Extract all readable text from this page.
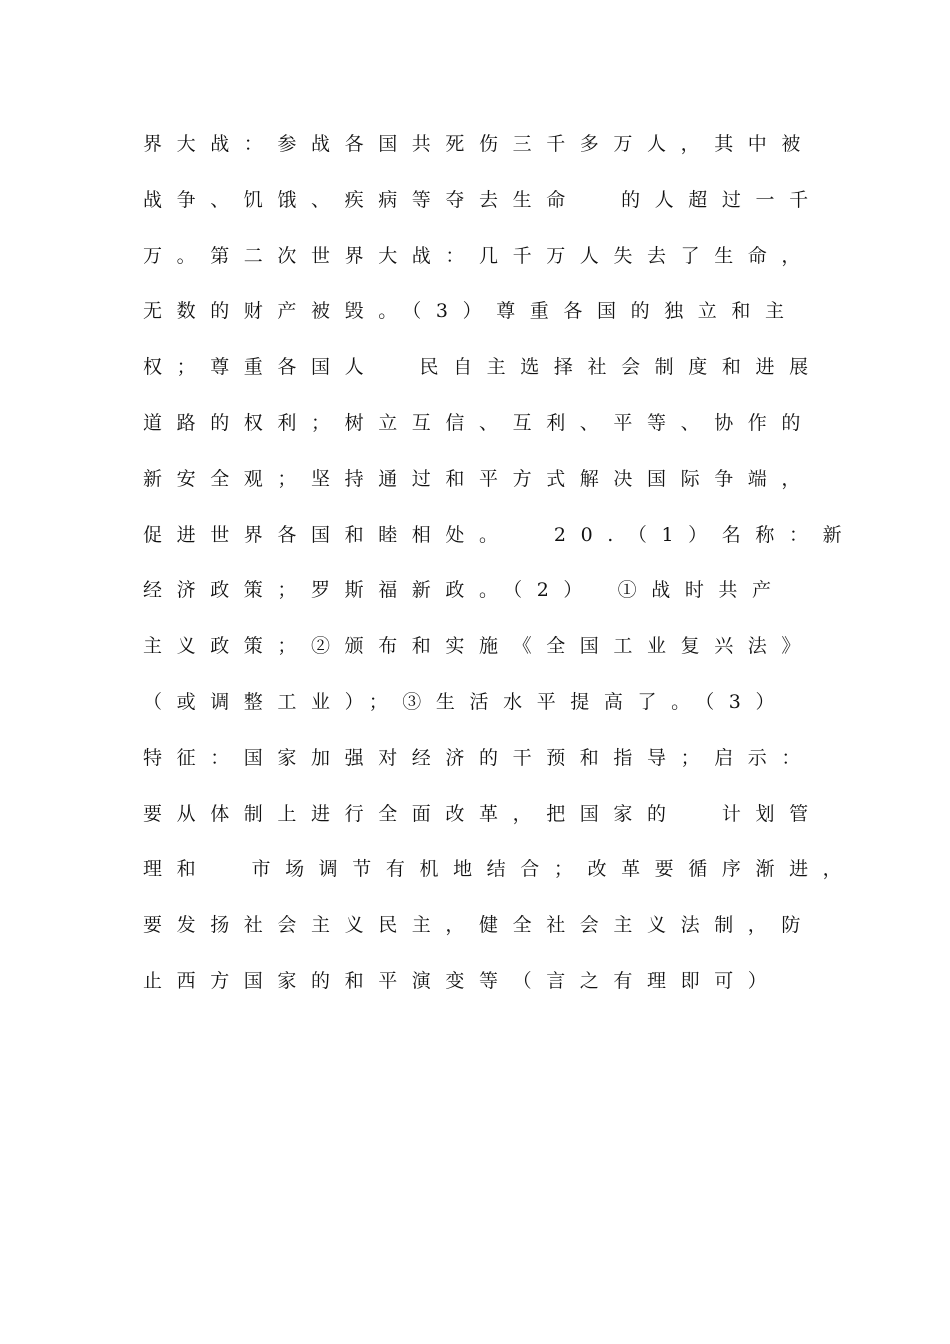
界大战：参战各国共死伤三千多万人，其中被
战争、饥饿、疾病等夺去生命  的人超过一千
万。第二次世界大战：几千万人失去了生命，
无数的财产被毁。（3）尊重各国的独立和主
权；尊重各国人  民自主选择社会制度和进展
道路的权利；树立互信、互利、平等、协作的
新安全观；坚持通过和平方式解决国际争端，
促进世界各国和睦相处。  20.（1）名称：新
经济政策；罗斯福新政。（2） ①战时共产
主义政策；②颁布和实施《全国工业复兴法》
（或调整工业）；③生活水平提高了。（3）
特征：国家加强对经济的干预和指导；启示：
要从体制上进行全面改革，把国家的  计划管
理和  市场调节有机地结合；改革要循序渐进，
要发扬社会主义民主，健全社会主义法制，防
止西方国家的和平演变等（言之有理即可）
